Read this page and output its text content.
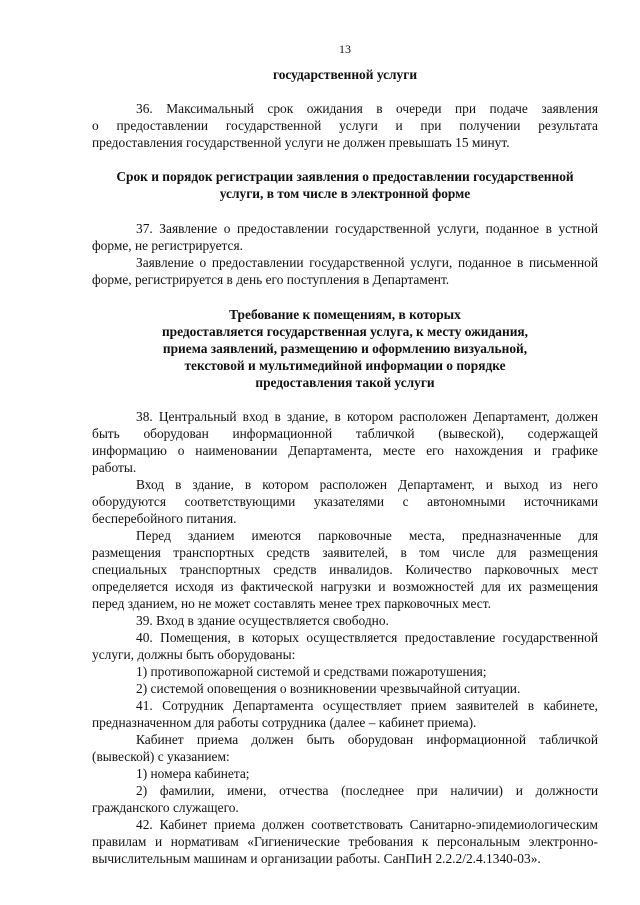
13
государственной услуги
36. Максимальный срок ожидания в очереди при подаче заявления
о предоставлении государственной услуги и при получении результата
предоставления государственной услуги не должен превышать 15 минут.
Срок и порядок регистрации заявления о предоставлении государственной
услуги, в том числе в электронной форме
37. Заявление о предоставлении государственной услуги, поданное в устной
форме, не регистрируется.
Заявление о предоставлении государственной услуги, поданное в письменной
форме, регистрируется в день его поступления в Департамент.
Требование к помещениям, в которых
предоставляется государственная услуга, к месту ожидания,
приема заявлений, размещению и оформлению визуальной,
текстовой и мультимедийной информации о порядке
предоставления такой услуги
38. Центральный вход в здание, в котором расположен Департамент, должен
быть оборудован информационной табличкой (вывеской), содержащей
информацию о наименовании Департамента, месте его нахождения и графике
работы.
Вход в здание, в котором расположен Департамент, и выход из него
оборудуются соответствующими указателями с автономными источниками
бесперебойного питания.
Перед зданием имеются парковочные места, предназначенные для
размещения транспортных средств заявителей, в том числе для размещения
специальных транспортных средств инвалидов. Количество парковочных мест
определяется исходя из фактической нагрузки и возможностей для их размещения
перед зданием, но не может составлять менее трех парковочных мест.
39. Вход в здание осуществляется свободно.
40. Помещения, в которых осуществляется предоставление государственной
услуги, должны быть оборудованы:
1) противопожарной системой и средствами пожаротушения;
2) системой оповещения о возникновении чрезвычайной ситуации.
41. Сотрудник Департамента осуществляет прием заявителей в кабинете,
предназначенном для работы сотрудника (далее – кабинет приема).
Кабинет приема должен быть оборудован информационной табличкой
(вывеской) с указанием:
1) номера кабинета;
2) фамилии, имени, отчества (последнее при наличии) и должности
гражданского служащего.
42. Кабинет приема должен соответствовать Санитарно-эпидемиологическим
правилам и нормативам «Гигиенические требования к персональным электронно-
вычислительным машинам и организации работы. СанПиН 2.2.2/2.4.1340-03».
